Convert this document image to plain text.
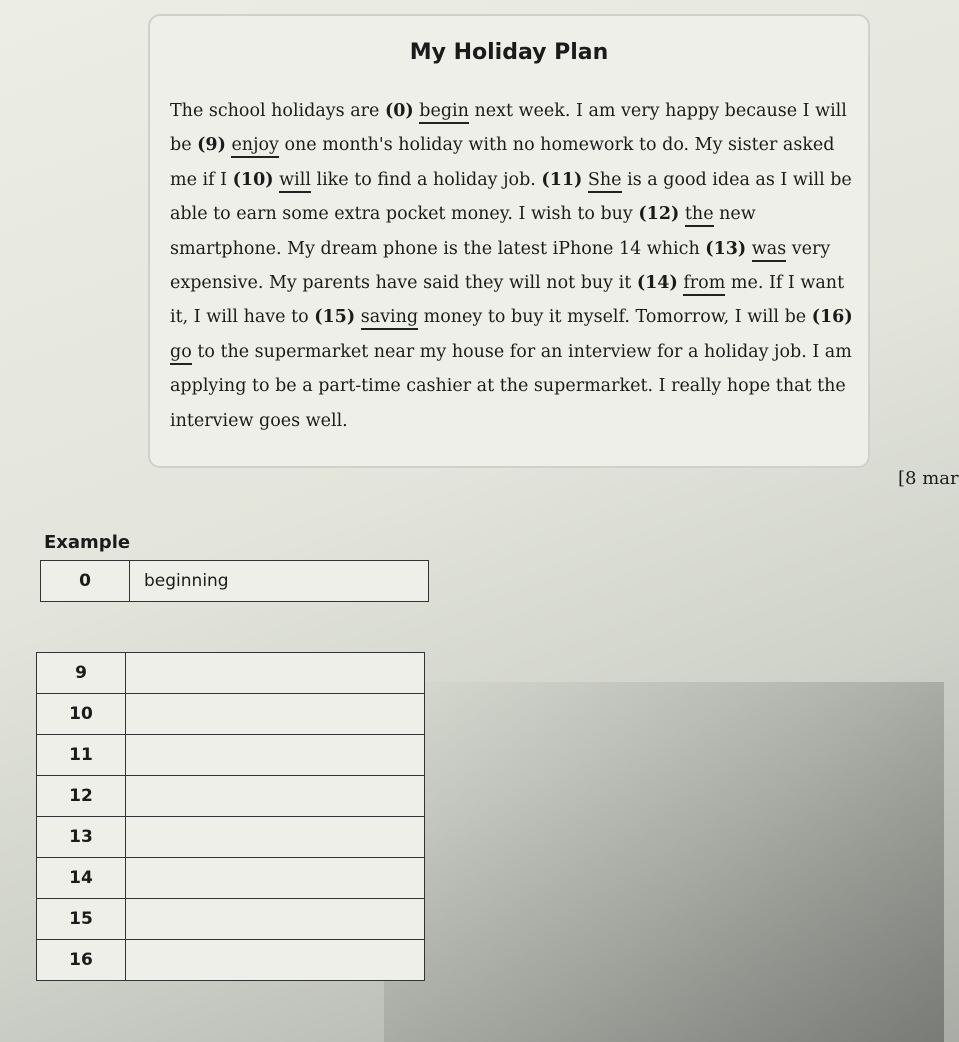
My Holiday Plan

The school holidays are (0) begin next week. I am very happy because I will be (9) enjoy one month's holiday with no homework to do. My sister asked me if I (10) will like to find a holiday job. (11) She is a good idea as I will be able to earn some extra pocket money. I wish to buy (12) the new smartphone. My dream phone is the latest iPhone 14 which (13) was very expensive. My parents have said they will not buy it (14) from me. If I want it, I will have to (15) saving money to buy it myself. Tomorrow, I will be (16) go to the supermarket near my house for an interview for a holiday job. I am applying to be a part-time cashier at the supermarket. I really hope that the interview goes well.

[8 mar
Example
0	beginning
9	
10	
11	
12	
13	
14	
15	
16	
